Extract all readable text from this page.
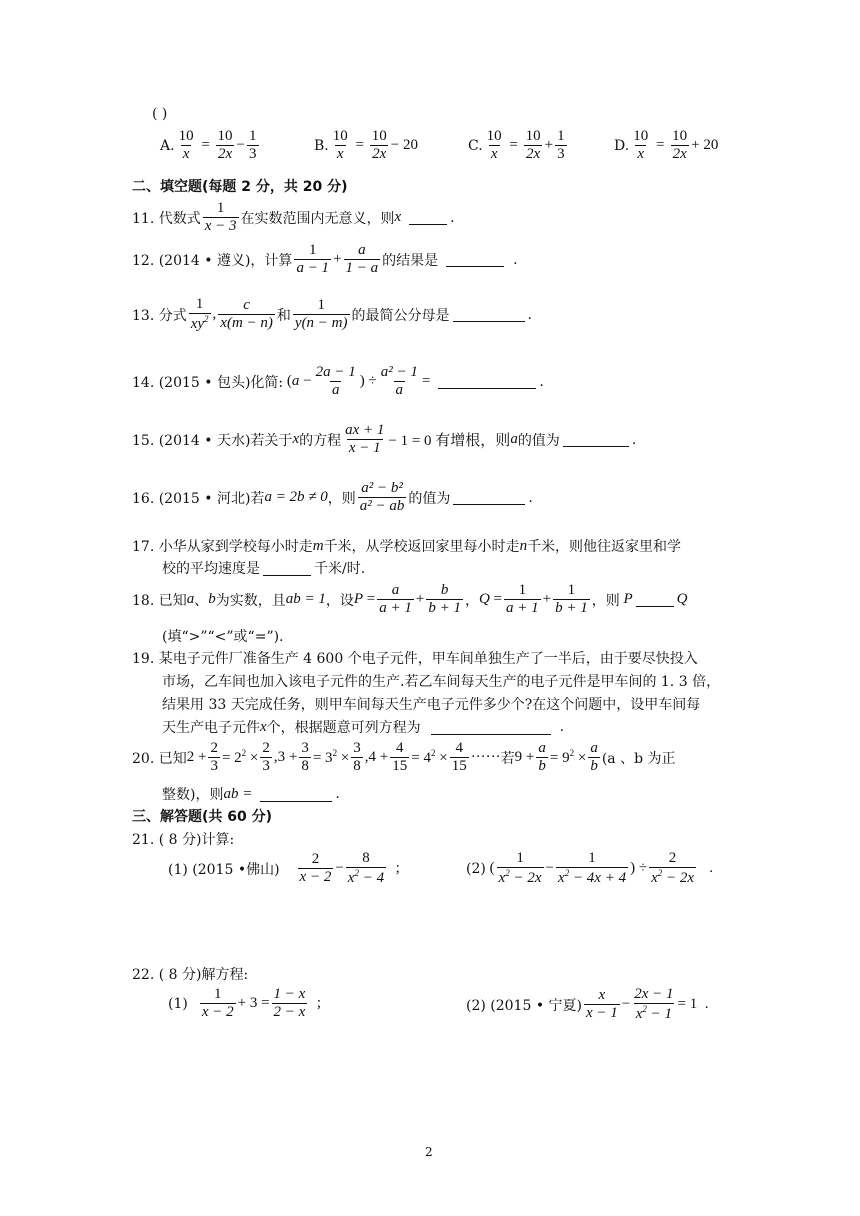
( )
A. $\frac{10}{x} = \frac{10}{2x} - \frac{1}{3}$	B. $\frac{10}{x} = \frac{10}{2x}$ −
20	C. $\frac{10}{x} = \frac{10}{2x} + \frac{1}{3}$	D. $\frac{10}{x} = \frac{10}{2x}$ +
20
二、填空题(每题 2 分，共 20 分)
11. 代数式 $\frac{1}{x - 3}$ 在实数范围内无意义，则 x	.
12. (2014 • 遵义)，计算 $\frac{1}{a - 1} + \frac{a}{1 - a}$ 的结果是	.
13. 分式 $\frac{1}{xy^2}$ , $\frac{c}{x(m - n)}$ 和 $\frac{1}{y(n - m)}$ 的最简公分母是	.
14. (2015 • 包头)化简: ($a - \frac{2a - 1}{a}$ ) ÷ $\frac{\text{a² − 1}}{a}$ =	.
15. (2014 • 天水)若关于 x 的方程 $\frac{ax + 1}{x - 1} - 1 = 0$ 有增根，则 a 的值为	.
16. (2015 • 河北)若 a = 2b ≠ 0 ，则 $\frac{\text{a² − b²}}{\text{a² − ab}}$ 的值为	.
17. 小华从家到学校每小时走 m 千米，从学校返回家里每小时走 n 千米，则他往返家里和学
校的平均速度是	千米/时.
18. 已知 a 、 b 为实数，且 ab = 1 ，设 $P = \frac{a}{a + 1} + \frac{b}{b + 1}$ ， $Q = \frac{1}{a + 1} + \frac{1}{b + 1}$ ，则 P	Q
(填“>”“<”或“=”).
19. 某电子元件厂准备生产 4 600 个电子元件，甲车间单独生产了一半后，由于要尽快投入
市场，乙车间也加入该电子元件的生产.若乙车间每天生产的电子元件是甲车间的 1. 3 倍，
结果用 33 天完成任务，则甲车间每天生产电子元件多少个?在这个问题中，设甲车间每
天生产电子元件 x 个，根据题意可列方程为	.
20. 已知 $2 + \frac{2}{3} = 2^2 \times \frac{2}{3} ,3 + \frac{3}{8} = 3^2 \times \frac{3}{8} ,4 + \frac{4}{15} = 4^2 \times \frac{4}{15}$ ······ 若 $9 + \frac{a}{b} = 9^2 \times \frac{a}{b} (a$ 、b 为正
整数)，则 ab =	.
三、解答题(共 60 分)
21. ( 8 分)计算:
(1) (2015 •佛山) $\frac{2}{x - 2} - \frac{8}{x^2 - 4}$ ;	(2) ( $\frac{1}{x^2 - 2x} - \frac{1}{x^2 - 4x + 4}$ ) ÷ $\frac{2}{x^2 - 2x}$ .
22. ( 8 分)解方程:
$(1) \frac{1}{x - 2} + 3 = \frac{1 - x}{2 - x}$ ;	(2) (2015 • 宁夏) $\frac{x}{x - 1} - \frac{2x - 1}{x^2 - 1} = 1$  .
2
